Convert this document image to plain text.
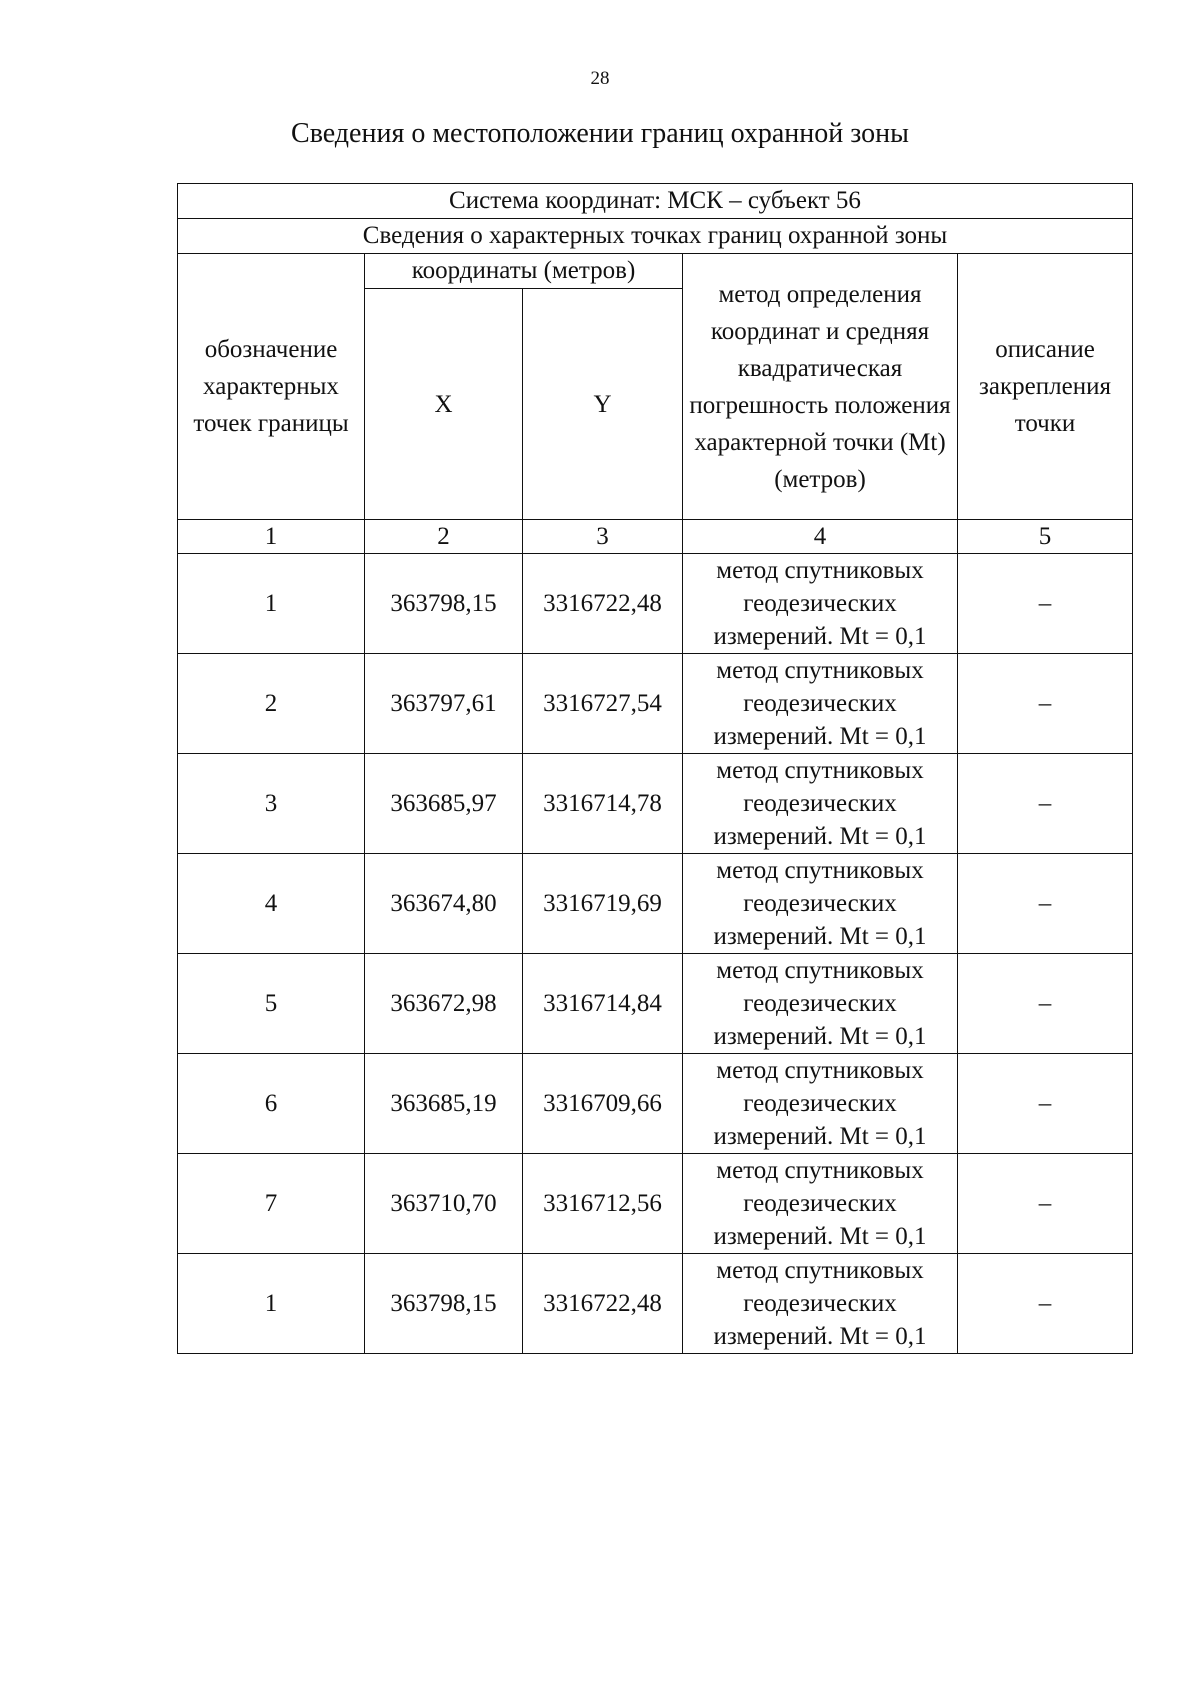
28
Сведения о местоположении границ охранной зоны
Система координат: МСК – субъект 56				
Сведения о характерных точках границ охранной зоны				
обозначение характерных точек границы	координаты (метров)		метод определения координат и средняя квадратическая погрешность положения характерной точки (Mt) (метров)	описание закрепления точки
	X	Y		
1	2	3	4	5
1	363798,15	3316722,48	метод спутниковых геодезических измерений. Mt = 0,1	–
2	363797,61	3316727,54	метод спутниковых геодезических измерений. Mt = 0,1	–
3	363685,97	3316714,78	метод спутниковых геодезических измерений. Mt = 0,1	–
4	363674,80	3316719,69	метод спутниковых геодезических измерений. Mt = 0,1	–
5	363672,98	3316714,84	метод спутниковых геодезических измерений. Mt = 0,1	–
6	363685,19	3316709,66	метод спутниковых геодезических измерений. Mt = 0,1	–
7	363710,70	3316712,56	метод спутниковых геодезических измерений. Mt = 0,1	–
1	363798,15	3316722,48	метод спутниковых геодезических измерений. Mt = 0,1	–
